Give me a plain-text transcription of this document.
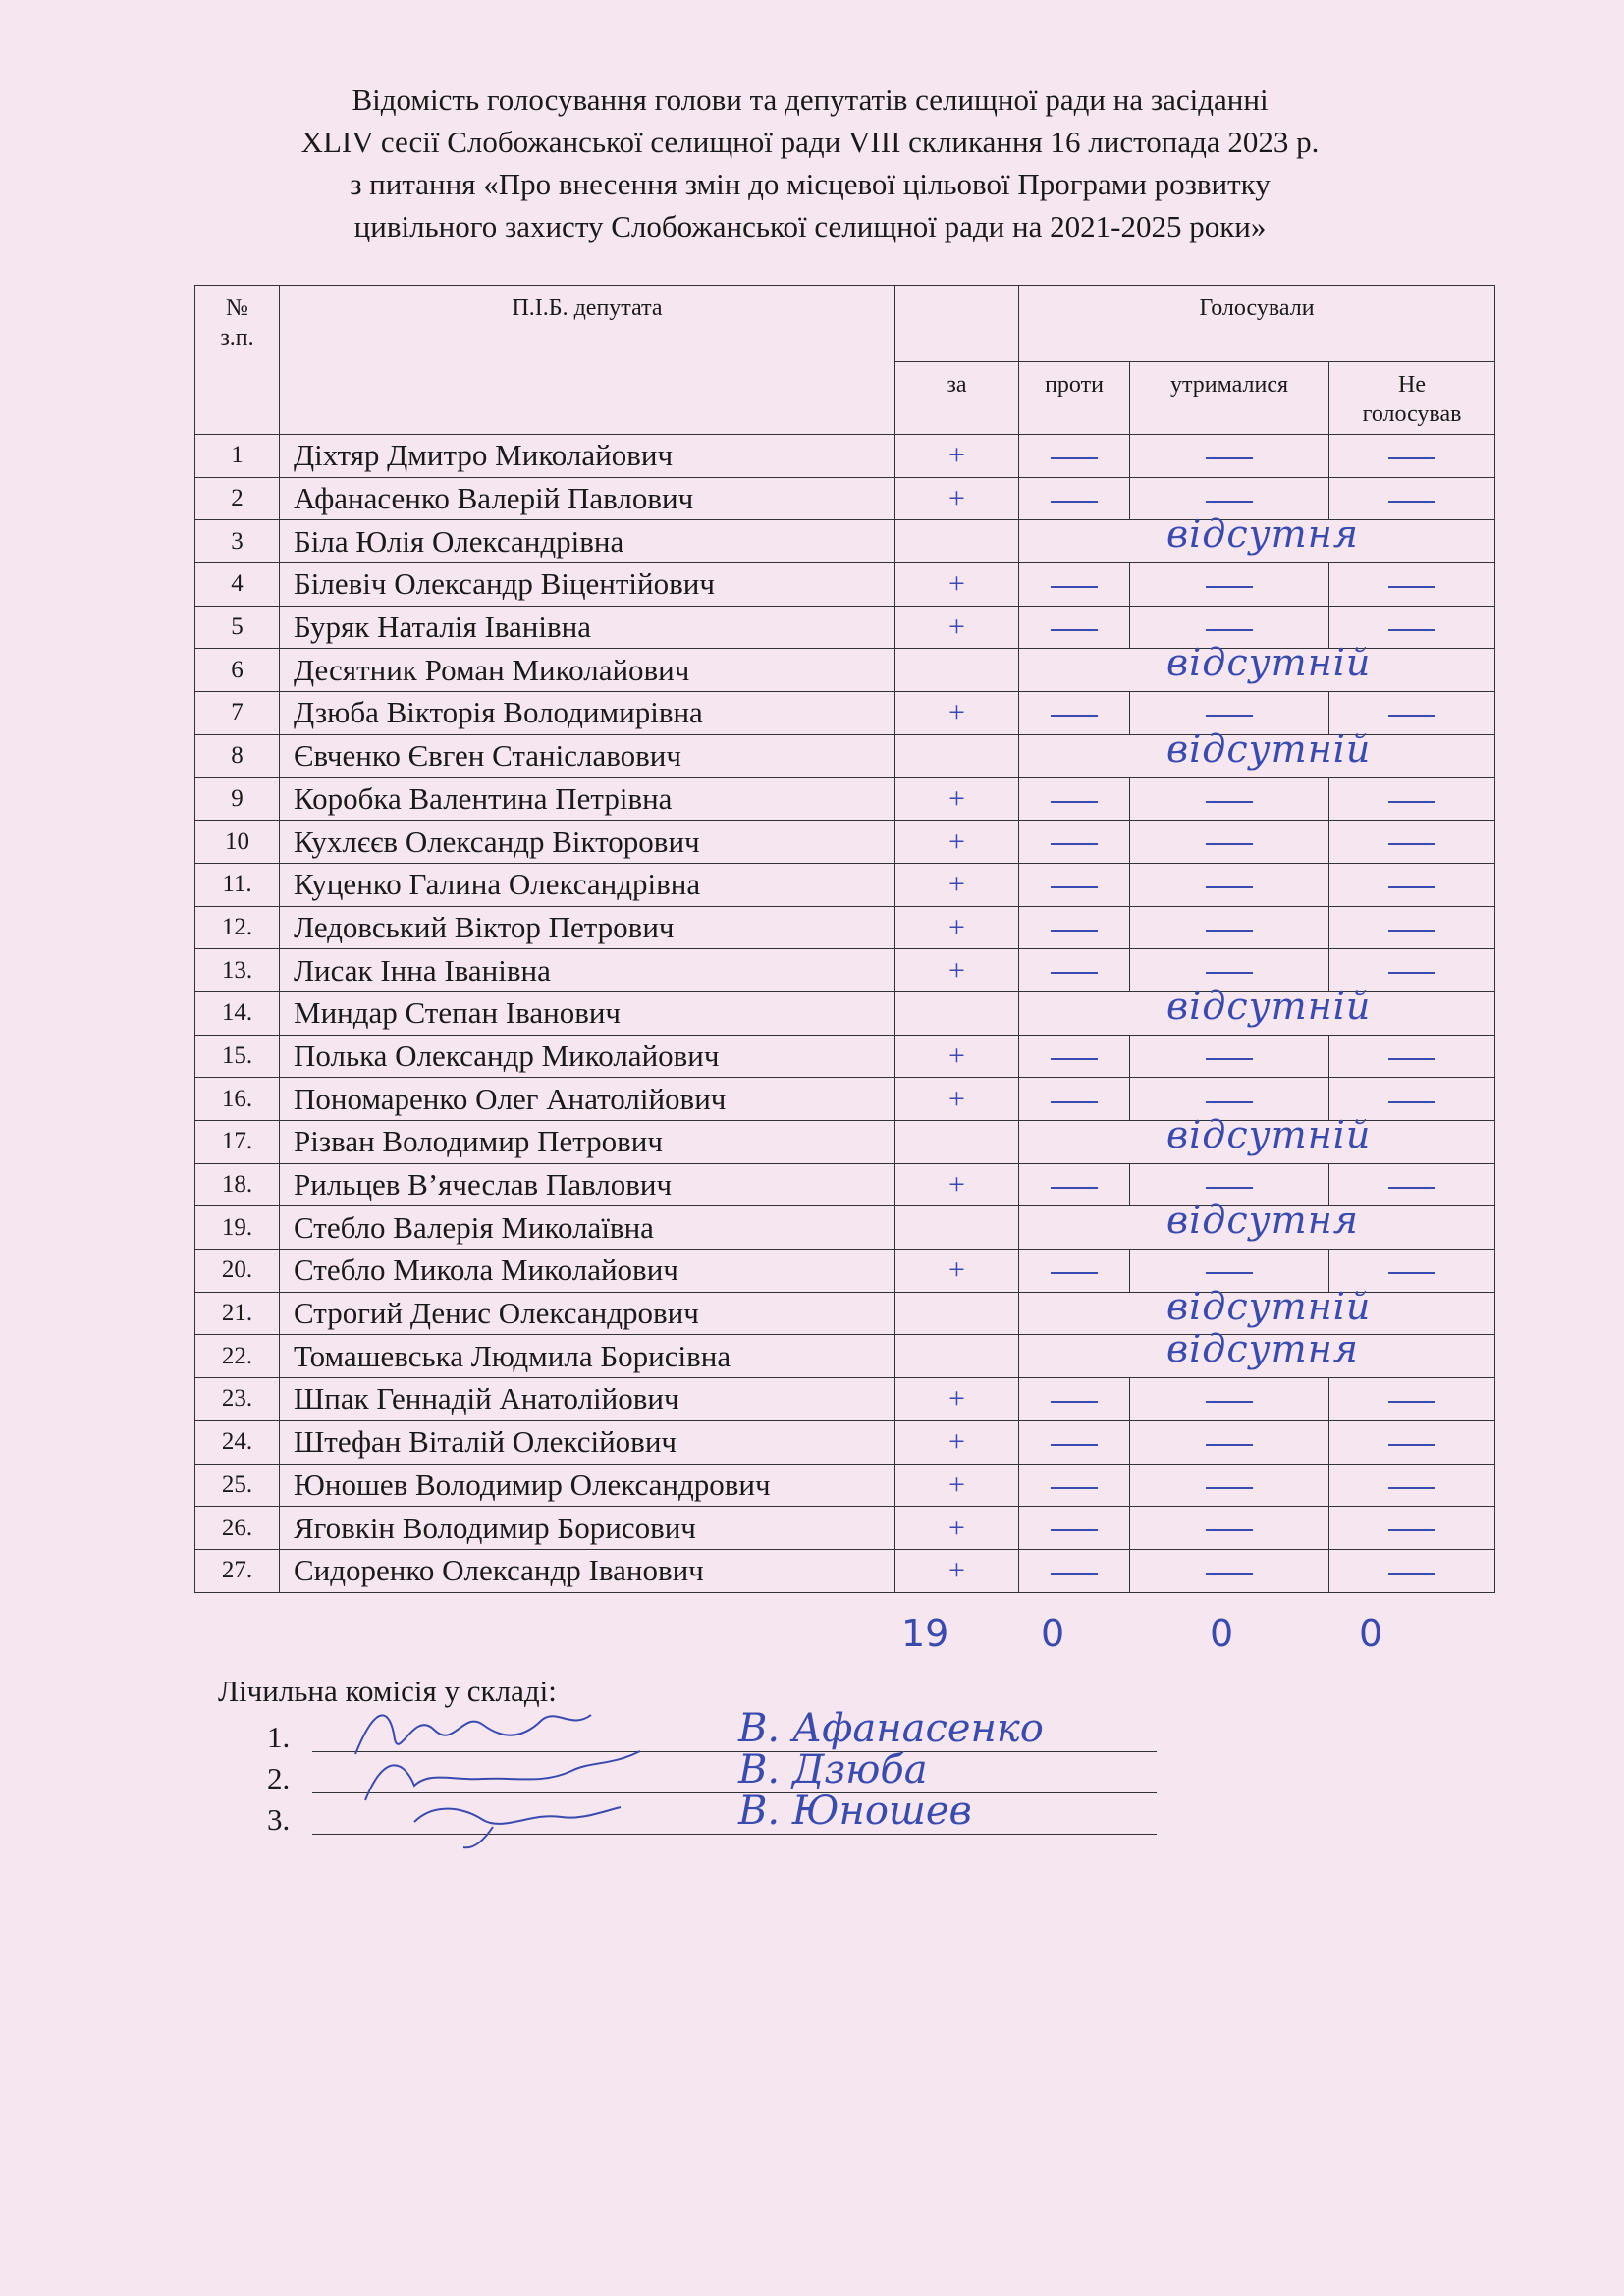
Відомість голосування голови та депутатів селищної ради на засіданні
XLIV сесії Слобожанської селищної ради VIII скликання 16 листопада 2023 р.
з питання «Про внесення змін до місцевої цільової Програми розвитку
цивільного захисту Слобожанської селищної ради на 2021-2025 роки»
№
з.п.	П.І.Б. депутата		Голосували		

		за	проти	утрималися	Не
голосував

1	Діхтяр Дмитро Миколайович	+			
2	Афанасенко Валерій Павлович	+			
3	Біла Юлія Олександрівна		відсутня		

4	Білевіч Олександр Віцентійович	+			
5	Буряк Наталія Іванівна	+			
6	Десятник Роман Миколайович		відсутній		

7	Дзюба Вікторія Володимирівна	+			
8	Євченко Євген Станіславович		відсутній		

9	Коробка Валентина Петрівна	+			
10	Кухлєєв Олександр Вікторович	+			
11.	Куценко Галина Олександрівна	+			
12.	Ледовський Віктор Петрович	+			
13.	Лисак Інна Іванівна	+			
14.	Миндар Степан Іванович		відсутній		

15.	Полька Олександр Миколайович	+			
16.	Пономаренко Олег Анатолійович	+			
17.	Різван Володимир Петрович		відсутній		

18.	Рильцев В’ячеслав Павлович	+			
19.	Стебло Валерія Миколаївна		відсутня		

20.	Стебло Микола Миколайович	+			
21.	Строгий Денис Олександрович		відсутній		

22.	Томашевська Людмила Борисівна		відсутня		

23.	Шпак Геннадій Анатолійович	+			
24.	Штефан Віталій Олексійович	+			
25.	Юношев Володимир Олександрович	+			
26.	Яговкін Володимир Борисович	+			
27.	Сидоренко Олександр Іванович	+			
19 0	0	0
Лічильна комісія у складі:
1.	В. Афанасенко
2.	В. Дзюба
3.	В. Юношев
